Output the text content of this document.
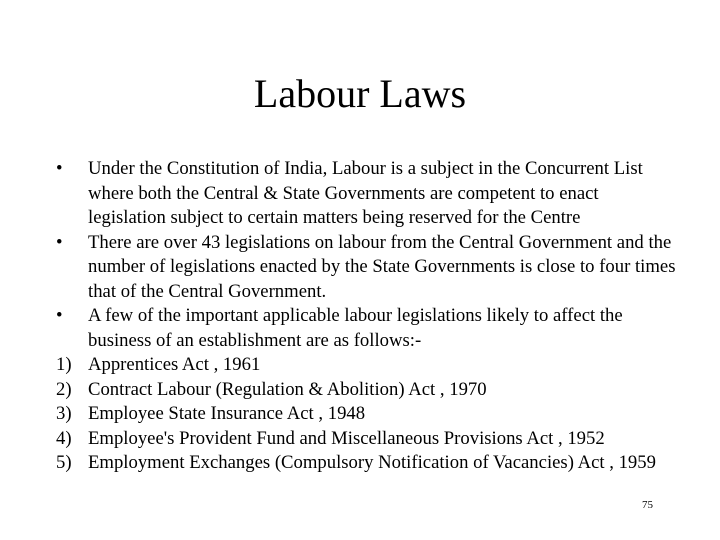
Labour Laws
•	Under the Constitution of India, Labour is a subject in the Concurrent List where both the Central & State Governments are competent to enact legislation subject to certain matters being reserved for the Centre
•	There are over 43 legislations on labour from the Central Government and the number of legislations enacted by the State Governments is close to four times that of the Central Government.
•	A few of the important applicable labour legislations likely to affect the business of an establishment are as follows:-
1) Apprentices Act , 1961
2) Contract Labour (Regulation & Abolition) Act , 1970
3) Employee State Insurance Act , 1948
4) Employee's Provident Fund and Miscellaneous Provisions Act , 1952
5) Employment Exchanges (Compulsory Notification of Vacancies) Act , 1959
75
